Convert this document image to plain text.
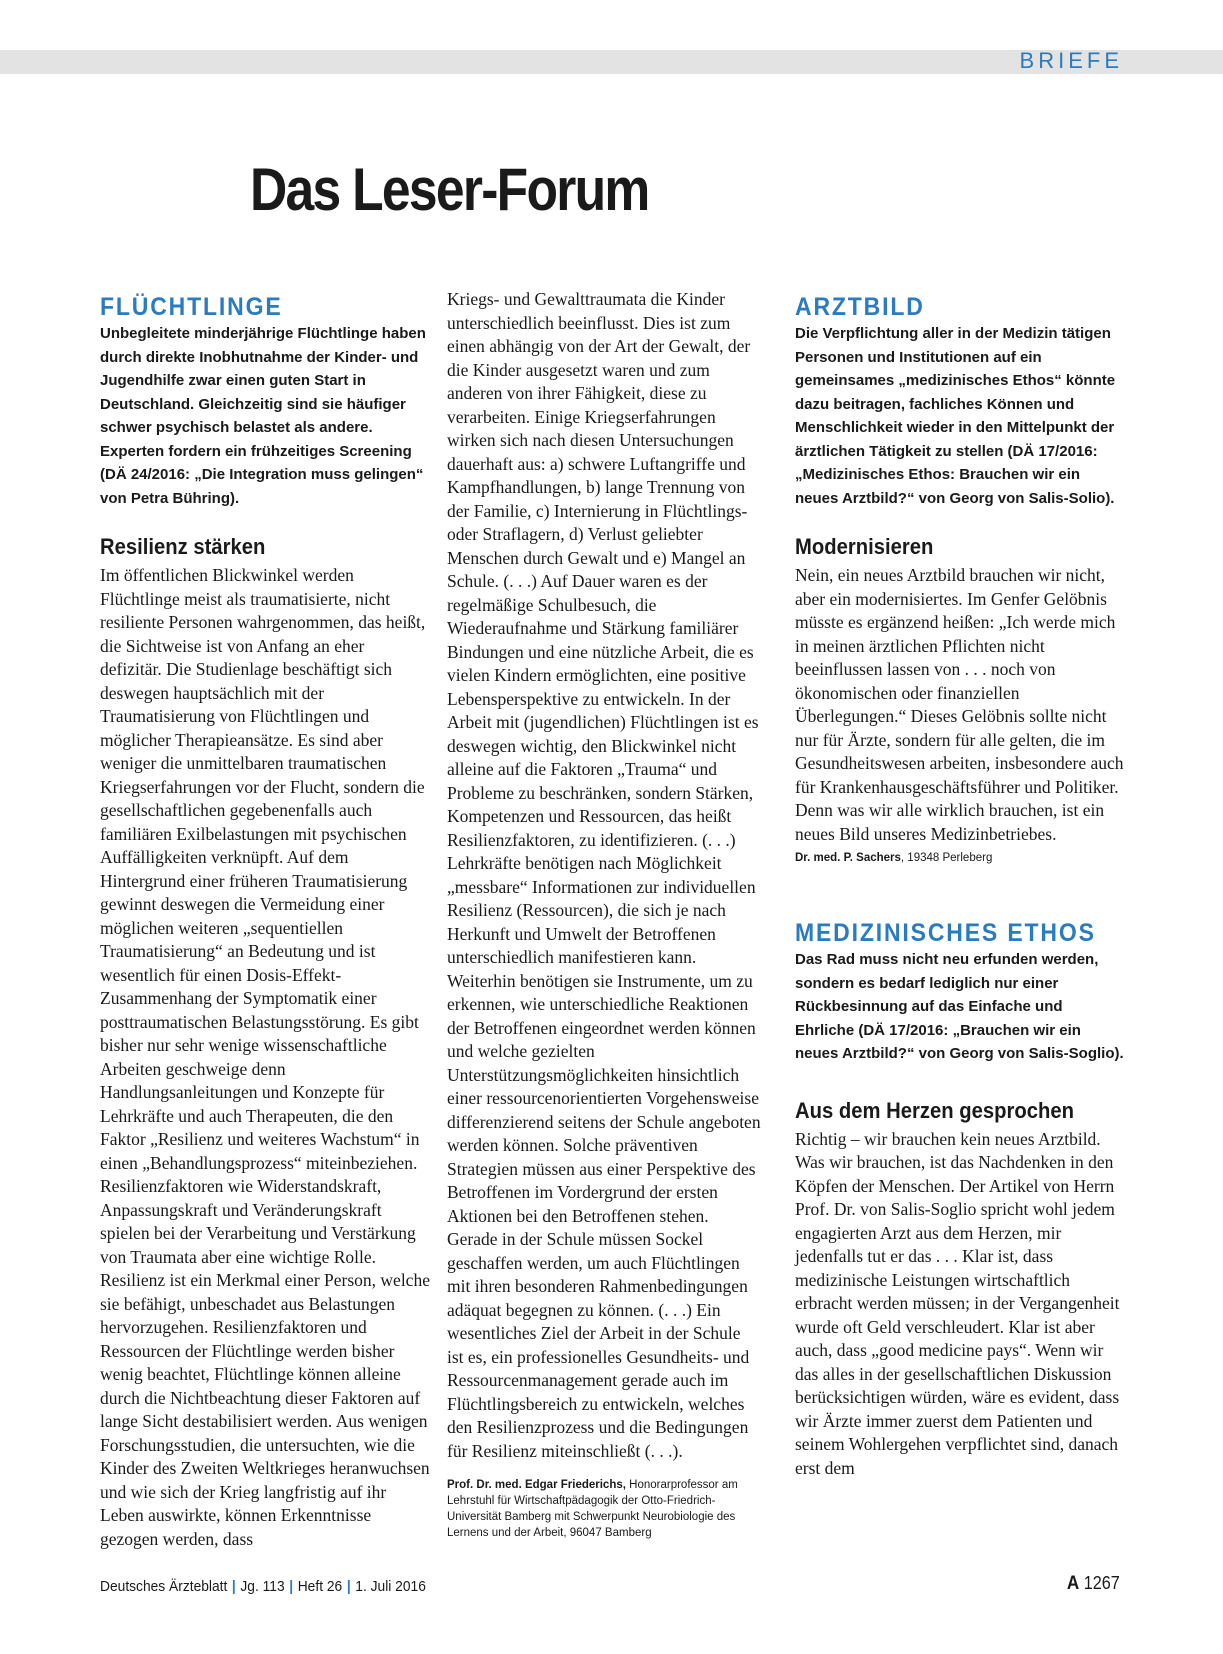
BRIEFE
Das Leser-Forum
FLÜCHTLINGE

Unbegleitete minderjährige Flüchtlinge haben durch direkte Inobhutnahme der Kinder- und Jugendhilfe zwar einen guten Start in Deutschland. Gleichzeitig sind sie häufiger schwer psychisch belastet als andere. Experten fordern ein frühzeitiges Screening (DÄ 24/2016: „Die Integration muss gelingen“ von Petra Bühring).

Resilienz stärken

Im öffentlichen Blickwinkel werden Flüchtlinge meist als traumatisierte, nicht resiliente Personen wahrgenommen, das heißt, die Sichtweise ist von Anfang an eher defizitär. Die Studienlage beschäftigt sich deswegen hauptsächlich mit der Traumatisierung von Flüchtlingen und möglicher Therapieansätze. Es sind aber weniger die unmittelbaren traumatischen Kriegserfahrungen vor der Flucht, sondern die gesellschaftlichen gegebenenfalls auch familiären Exilbelastungen mit psychischen Auffälligkeiten verknüpft. Auf dem Hintergrund einer früheren Traumatisierung gewinnt deswegen die Vermeidung einer möglichen weiteren „sequentiellen Traumatisierung“ an Bedeutung und ist wesentlich für einen Dosis-Effekt- Zusammenhang der Symptomatik einer posttraumatischen Belastungsstörung. Es gibt bisher nur sehr wenige wissenschaftliche Arbeiten geschweige denn Handlungsanleitungen und Konzepte für Lehrkräfte und auch Therapeuten, die den Faktor „Resilienz und weiteres Wachstum“ in einen „Behandlungsprozess“ miteinbeziehen. Resilienzfaktoren wie Widerstandskraft, Anpassungskraft und Veränderungskraft spielen bei der Verarbeitung und Verstärkung von Traumata aber eine wichtige Rolle. Resilienz ist ein Merkmal einer Person, welche sie befähigt, unbeschadet aus Belastungen hervorzugehen. Resilienzfaktoren und Ressourcen der Flüchtlinge werden bisher wenig beachtet, Flüchtlinge können alleine durch die Nichtbeachtung dieser Faktoren auf lange Sicht destabilisiert werden. Aus wenigen Forschungsstudien, die untersuchten, wie die Kinder des Zweiten Weltkrieges heranwuchsen und wie sich der Krieg langfristig auf ihr Leben auswirkte, können Erkenntnisse gezogen werden, dass

Kriegs- und Gewalttraumata die Kinder unterschiedlich beeinflusst. Dies ist zum einen abhängig von der Art der Gewalt, der die Kinder ausgesetzt waren und zum anderen von ihrer Fähigkeit, diese zu verarbeiten. Einige Kriegserfahrungen wirken sich nach diesen Untersuchungen dauerhaft aus: a) schwere Luftangriffe und Kampfhandlungen, b) lange Trennung von der Familie, c) Internierung in Flüchtlings- oder Straflagern, d) Verlust geliebter Menschen durch Gewalt und e) Mangel an Schule. (. . .) Auf Dauer waren es der regelmäßige Schulbesuch, die Wiederaufnahme und Stärkung familiärer Bindungen und eine nützliche Arbeit, die es vielen Kindern ermöglichten, eine positive Lebensperspektive zu entwickeln. In der Arbeit mit (jugendlichen) Flüchtlingen ist es deswegen wichtig, den Blickwinkel nicht alleine auf die Faktoren „Trauma“ und Probleme zu beschränken, sondern Stärken, Kompetenzen und Ressourcen, das heißt Resilienzfaktoren, zu identifizieren. (. . .) Lehrkräfte benötigen nach Möglichkeit „messbare“ Informationen zur individuellen Resilienz (Ressourcen), die sich je nach Herkunft und Umwelt der Betroffenen unterschiedlich manifestieren kann. Weiterhin benötigen sie Instrumente, um zu erkennen, wie unterschiedliche Reaktionen der Betroffenen eingeordnet werden können und welche gezielten Unterstützungsmöglichkeiten hinsichtlich einer ressourcenorientierten Vorgehensweise differenzierend seitens der Schule angeboten werden können. Solche präventiven Strategien müssen aus einer Perspektive des Betroffenen im Vordergrund der ersten Aktionen bei den Betroffenen stehen. Gerade in der Schule müssen Sockel geschaffen werden, um auch Flüchtlingen mit ihren besonderen Rahmenbedingungen adäquat begegnen zu können. (. . .) Ein wesentliches Ziel der Arbeit in der Schule ist es, ein professionelles Gesundheits- und Ressourcenmanagement gerade auch im Flüchtlingsbereich zu entwickeln, welches den Resilienzprozess und die Bedingungen für Resilienz miteinschließt (. . .).

Prof. Dr. med. Edgar Friederichs, Honorarprofessor am Lehrstuhl für Wirtschaftpädagogik der Otto-Friedrich-Universität Bamberg mit Schwerpunkt Neurobiologie des Lernens und der Arbeit, 96047 Bamberg

ARZTBILD

Die Verpflichtung aller in der Medizin tätigen Personen und Institutionen auf ein gemeinsames „medizinisches Ethos“ könnte dazu beitragen, fachliches Können und Menschlichkeit wieder in den Mittelpunkt der ärztlichen Tätigkeit zu stellen (DÄ 17/2016: „Medizinisches Ethos: Brauchen wir ein neues Arztbild?“ von Georg von Salis-Solio).

Modernisieren

Nein, ein neues Arztbild brauchen wir nicht, aber ein modernisiertes. Im Genfer Gelöbnis müsste es ergänzend heißen: „Ich werde mich in meinen ärztlichen Pflichten nicht beeinflussen lassen von . . . noch von ökonomischen oder finanziellen Überlegungen.“ Dieses Gelöbnis sollte nicht nur für Ärzte, sondern für alle gelten, die im Gesundheitswesen arbeiten, insbesondere auch für Krankenhausgeschäftsführer und Politiker. Denn was wir alle wirklich brauchen, ist ein neues Bild unseres Medizinbetriebes.

Dr. med. P. Sachers, 19348 Perleberg

MEDIZINISCHES ETHOS

Das Rad muss nicht neu erfunden werden, sondern es bedarf lediglich nur einer Rückbesinnung auf das Einfache und Ehrliche (DÄ 17/2016: „Brauchen wir ein neues Arztbild?“ von Georg von Salis-Soglio).

Aus dem Herzen gesprochen

Richtig – wir brauchen kein neues Arztbild. Was wir brauchen, ist das Nachdenken in den Köpfen der Menschen. Der Artikel von Herrn Prof. Dr. von Salis-Soglio spricht wohl jedem engagierten Arzt aus dem Herzen, mir jedenfalls tut er das . . . Klar ist, dass medizinische Leistungen wirtschaftlich erbracht werden müssen; in der Vergangenheit wurde oft Geld verschleudert. Klar ist aber auch, dass „good medicine pays“. Wenn wir das alles in der gesellschaftlichen Diskussion berücksichtigen würden, wäre es evident, dass wir Ärzte immer zuerst dem Patienten und seinem Wohlergehen verpflichtet sind, danach erst dem

Deutsches Ärzteblatt | Jg. 113 | Heft 26 | 1. Juli 2016	A 1267
